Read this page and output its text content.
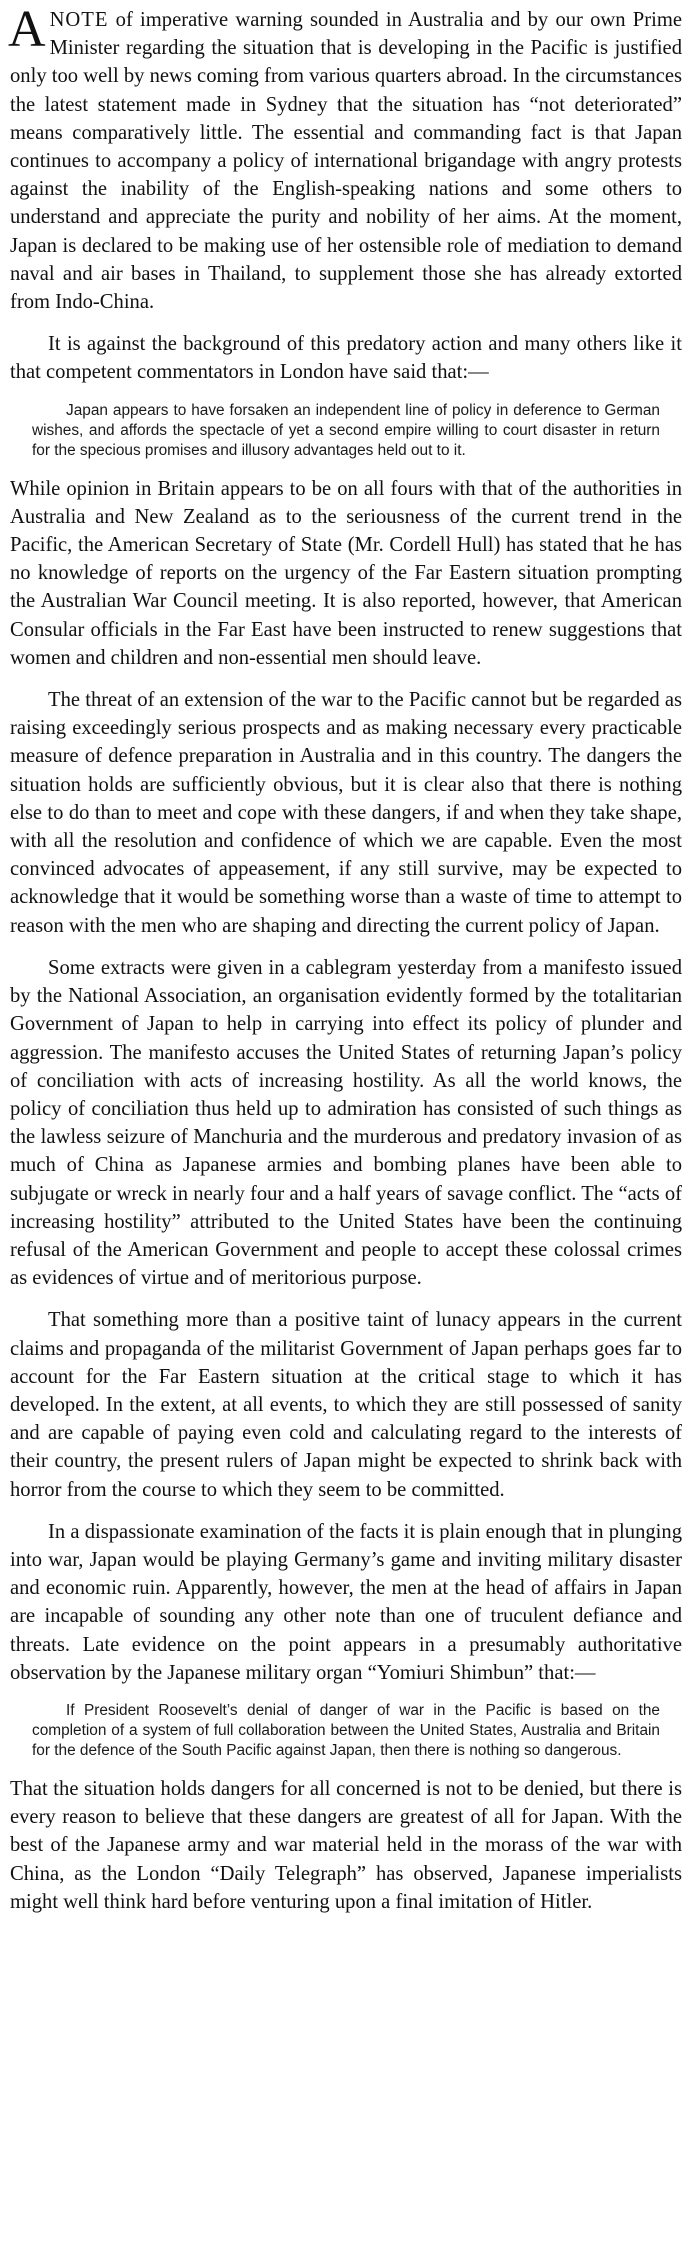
ANOTE of imperative warning sounded in Australia and by our own Prime Minister regarding the situation that is developing in the Pacific is justified only too well by news coming from various quarters abroad. In the circumstances the latest statement made in Sydney that the situation has “not deteriorated” means comparatively little. The essential and commanding fact is that Japan continues to accompany a policy of international brigandage with angry protests against the inability of the English-speaking nations and some others to understand and appreciate the purity and nobility of her aims. At the moment, Japan is declared to be making use of her ostensible role of mediation to demand naval and air bases in Thailand, to supplement those she has already extorted from Indo-China.

It is against the background of this predatory action and many others like it that competent commentators in London have said that:—

Japan appears to have forsaken an independent line of policy in deference to German wishes, and affords the spectacle of yet a second empire willing to court disaster in return for the specious promises and illusory advantages held out to it.

While opinion in Britain appears to be on all fours with that of the authorities in Australia and New Zealand as to the seriousness of the current trend in the Pacific, the American Secretary of State (Mr. Cordell Hull) has stated that he has no knowledge of reports on the urgency of the Far Eastern situation prompting the Australian War Council meeting. It is also reported, however, that American Consular officials in the Far East have been instructed to renew suggestions that women and children and non-essential men should leave.

The threat of an extension of the war to the Pacific cannot but be regarded as raising exceedingly serious prospects and as making necessary every practicable measure of defence preparation in Australia and in this country. The dangers the situation holds are sufficiently obvious, but it is clear also that there is nothing else to do than to meet and cope with these dangers, if and when they take shape, with all the resolution and confidence of which we are capable. Even the most convinced advocates of appeasement, if any still survive, may be expected to acknowledge that it would be something worse than a waste of time to attempt to reason with the men who are shaping and directing the current policy of Japan.

Some extracts were given in a cablegram yesterday from a manifesto issued by the National Association, an organisation evidently formed by the totalitarian Government of Japan to help in carrying into effect its policy of plunder and aggression. The manifesto accuses the United States of returning Japan’s policy of conciliation with acts of increasing hostility. As all the world knows, the policy of conciliation thus held up to admiration has consisted of such things as the lawless seizure of Manchuria and the murderous and predatory invasion of as much of China as Japanese armies and bombing planes have been able to subjugate or wreck in nearly four and a half years of savage conflict. The “acts of increasing hostility” attributed to the United States have been the continuing refusal of the American Government and people to accept these colossal crimes as evidences of virtue and of meritorious purpose.

That something more than a positive taint of lunacy appears in the current claims and propaganda of the militarist Government of Japan perhaps goes far to account for the Far Eastern situation at the critical stage to which it has developed. In the extent, at all events, to which they are still possessed of sanity and are capable of paying even cold and calculating regard to the interests of their country, the present rulers of Japan might be expected to shrink back with horror from the course to which they seem to be committed.

In a dispassionate examination of the facts it is plain enough that in plunging into war, Japan would be playing Germany’s game and inviting military disaster and economic ruin. Apparently, however, the men at the head of affairs in Japan are incapable of sounding any other note than one of truculent defiance and threats. Late evidence on the point appears in a presumably authoritative observation by the Japanese military organ “Yomiuri Shimbun” that:—

If President Roosevelt’s denial of danger of war in the Pacific is based on the completion of a system of full collaboration between the United States, Australia and Britain for the defence of the South Pacific against Japan, then there is nothing so dangerous.

That the situation holds dangers for all concerned is not to be denied, but there is every reason to believe that these dangers are greatest of all for Japan. With the best of the Japanese army and war material held in the morass of the war with China, as the London “Daily Telegraph” has observed, Japanese imperialists might well think hard before venturing upon a final imitation of Hitler.
